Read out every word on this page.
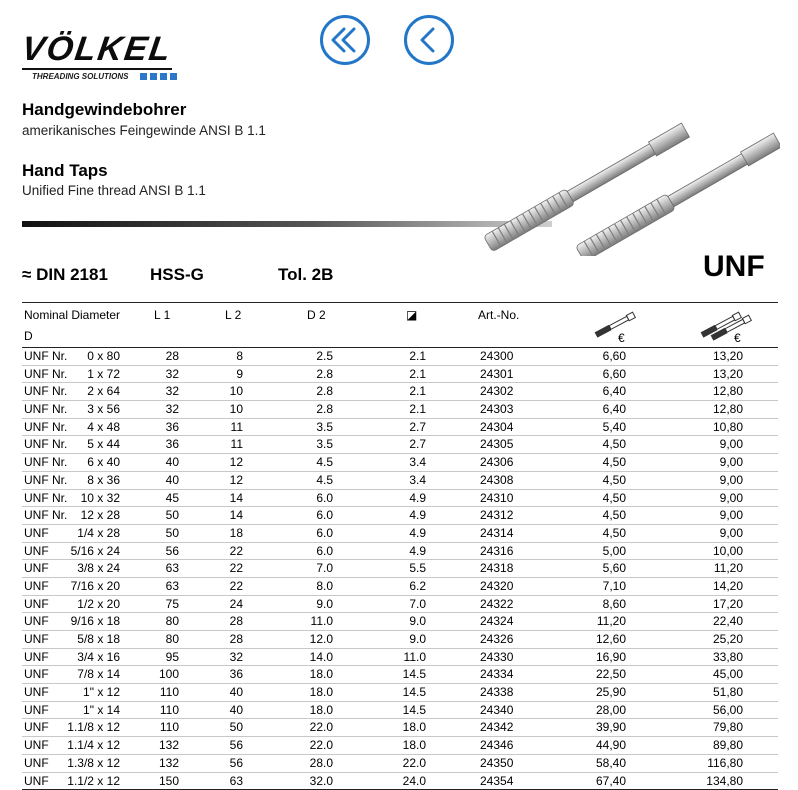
VÖLKEL
THREADING SOLUTIONS
Handgewindebohrer
amerikanisches Feingewinde ANSI B 1.1
Hand Taps
Unified Fine thread ANSI B 1.1
≈ DIN 2181 HSS-G	Tol. 2B	UNF
Nominal Diameter
D
L 1	L 2	D 2	◪	Art.-No.
€	€
UNF Nr. 0 x 80	28	8	2.5	2.1	24300	6,60	13,20
UNF Nr. 1 x 72	32	9	2.8	2.1	24301	6,60	13,20
UNF Nr. 2 x 64	32	10	2.8	2.1	24302	6,40	12,80
UNF Nr. 3 x 56	32	10	2.8	2.1	24303	6,40	12,80
UNF Nr. 4 x 48	36	11	3.5	2.7	24304	5,40	10,80
UNF Nr. 5 x 44	36	11	3.5	2.7	24305	4,50	9,00
UNF Nr. 6 x 40	40	12	4.5	3.4	24306	4,50	9,00
UNF Nr. 8 x 36	40	12	4.5	3.4	24308	4,50	9,00
UNF Nr. 10 x 32	45	14	6.0	4.9	24310	4,50	9,00
UNF Nr. 12 x 28	50	14	6.0	4.9	24312	4,50	9,00
UNF 1/4 x 28	50	18	6.0	4.9	24314	4,50	9,00
UNF 5/16 x 24	56	22	6.0	4.9	24316	5,00	10,00
UNF 3/8 x 24	63	22	7.0	5.5	24318	5,60	11,20
UNF 7/16 x 20	63	22	8.0	6.2	24320	7,10	14,20
UNF 1/2 x 20	75	24	9.0	7.0	24322	8,60	17,20
UNF 9/16 x 18	80	28	11.0	9.0	24324	11,20	22,40
UNF 5/8 x 18	80	28	12.0	9.0	24326	12,60	25,20
UNF 3/4 x 16	95	32	14.0	11.0	24330	16,90	33,80
UNF 7/8 x 14	100	36	18.0	14.5	24334	22,50	45,00
UNF	1" x 12	110	40	18.0	14.5	24338	25,90	51,80
UNF	1" x 14	110	40	18.0	14.5	24340	28,00	56,00
UNF 1.1/8 x 12	110	50	22.0	18.0	24342	39,90	79,80
UNF 1.1/4 x 12	132	56	22.0	18.0	24346	44,90	89,80
UNF 1.3/8 x 12	132	56	28.0	22.0	24350	58,40	116,80
UNF 1.1/2 x 12	150	63	32.0	24.0	24354	67,40	134,80
